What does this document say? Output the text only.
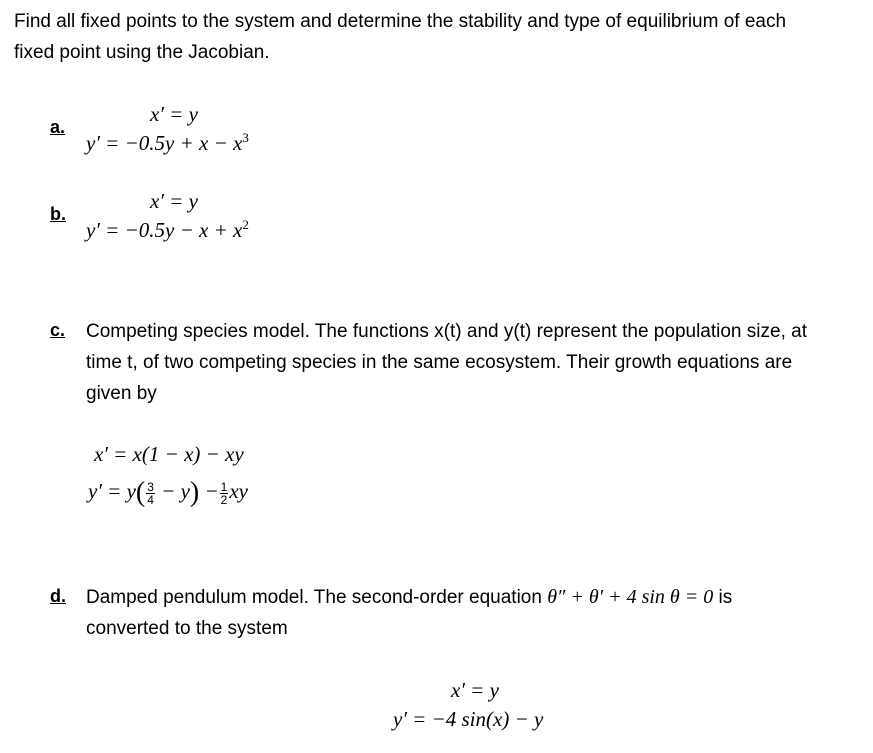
Find all fixed points to the system and determine the stability and type of equilibrium of each
fixed point using the Jacobian.
a.
x′ = y
$y' = -0.5y + x - x^3$
b.
x′ = y
$y' = -0.5y - x + x^2$
c. Competing species model. The functions x(t) and y(t) represent the population size, at
time t, of two competing species in the same ecosystem. Their growth equations are
given by
x′ = x(1 − x) − xy
$y' = y( \frac{3}{4} - y) - \frac{1}{2}$ xy
d. Damped pendulum model. The second-order equation θ″ + θ′ + 4 sin θ = 0 is
converted to the system
x′ = y
y′ = −4 sin(x) − y
